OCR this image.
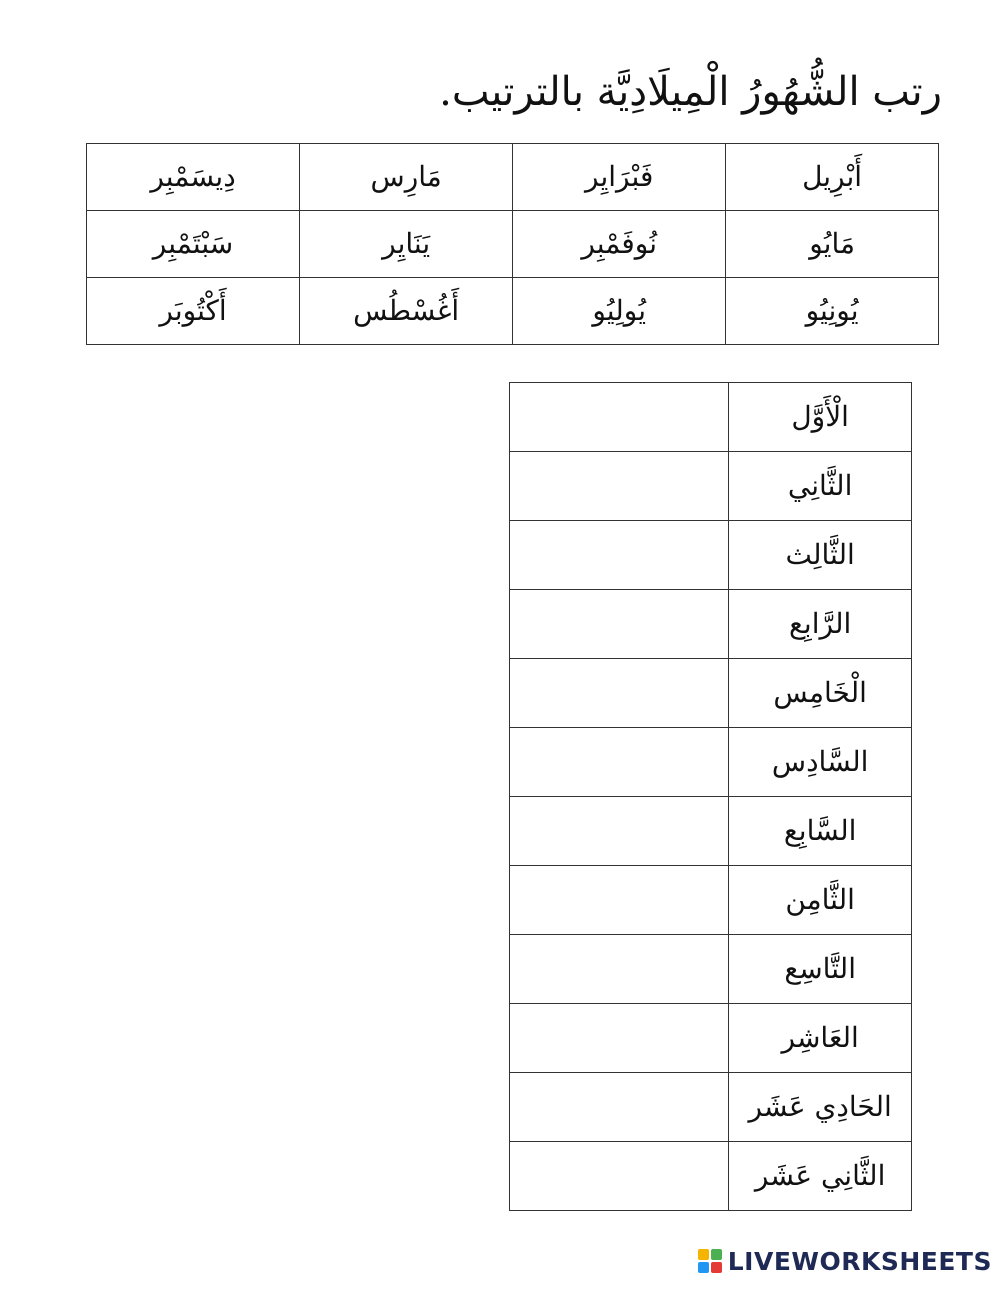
رتب الشُّهُورُ الْمِيلَادِيَّة بالترتيب.
أَبْرِيل	فَبْرَايِر	مَارِس	دِيسَمْبِر
مَايُو	نُوفَمْبِر	يَنَايِر	سَبْتَمْبِر
يُونِيُو	يُولِيُو	أَغُسْطُس	أَكْتُوبَر
الْأَوَّل	
الثَّانِي	
الثَّالِث	
الرَّابِع	
الْخَامِس	
السَّادِس	
السَّابِع	
الثَّامِن	
التَّاسِع	
العَاشِر	
الحَادِي عَشَر	
الثَّانِي عَشَر	
LIVEWORKSHEETS
